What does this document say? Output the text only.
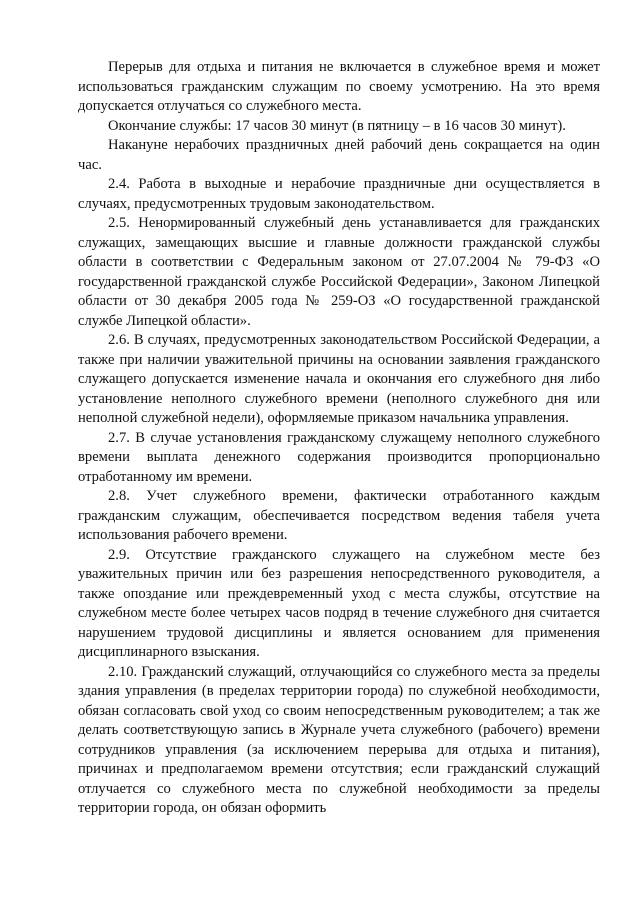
Перерыв для отдыха и питания не включается в служебное время и может использоваться гражданским служащим по своему усмотрению. На это время допускается отлучаться со служебного места.

Окончание службы: 17 часов 30 минут (в пятницу – в 16 часов 30 минут).

Накануне нерабочих праздничных дней рабочий день сокращается на один час.

2.4. Работа в выходные и нерабочие праздничные дни осуществляется в случаях, предусмотренных трудовым законодательством.

2.5. Ненормированный служебный день устанавливается для гражданских служащих, замещающих высшие и главные должности гражданской службы области в соответствии с Федеральным законом от 27.07.2004 № 79-ФЗ «О государственной гражданской службе Российской Федерации», Законом Липецкой области от 30 декабря 2005 года № 259-ОЗ «О государственной гражданской службе Липецкой области».

2.6. В случаях, предусмотренных законодательством Российской Федерации, а также при наличии уважительной причины на основании заявления гражданского служащего допускается изменение начала и окончания его служебного дня либо установление неполного служебного времени (неполного служебного дня или неполной служебной недели), оформляемые приказом начальника управления.

2.7. В случае установления гражданскому служащему неполного служебного времени выплата денежного содержания производится пропорционально отработанному им времени.

2.8. Учет служебного времени, фактически отработанного каждым гражданским служащим, обеспечивается посредством ведения табеля учета использования рабочего времени.

2.9. Отсутствие гражданского служащего на служебном месте без уважительных причин или без разрешения непосредственного руководителя, а также опоздание или преждевременный уход с места службы, отсутствие на служебном месте более четырех часов подряд в течение служебного дня считается нарушением трудовой дисциплины и является основанием для применения дисциплинарного взыскания.

2.10. Гражданский служащий, отлучающийся со служебного места за пределы здания управления (в пределах территории города) по служебной необходимости, обязан согласовать свой уход со своим непосредственным руководителем; а так же делать соответствующую запись в Журнале учета служебного (рабочего) времени сотрудников управления (за исключением перерыва для отдыха и питания), причинах и предполагаемом времени отсутствия; если гражданский служащий отлучается со служебного места по служебной необходимости за пределы территории города, он обязан оформить
